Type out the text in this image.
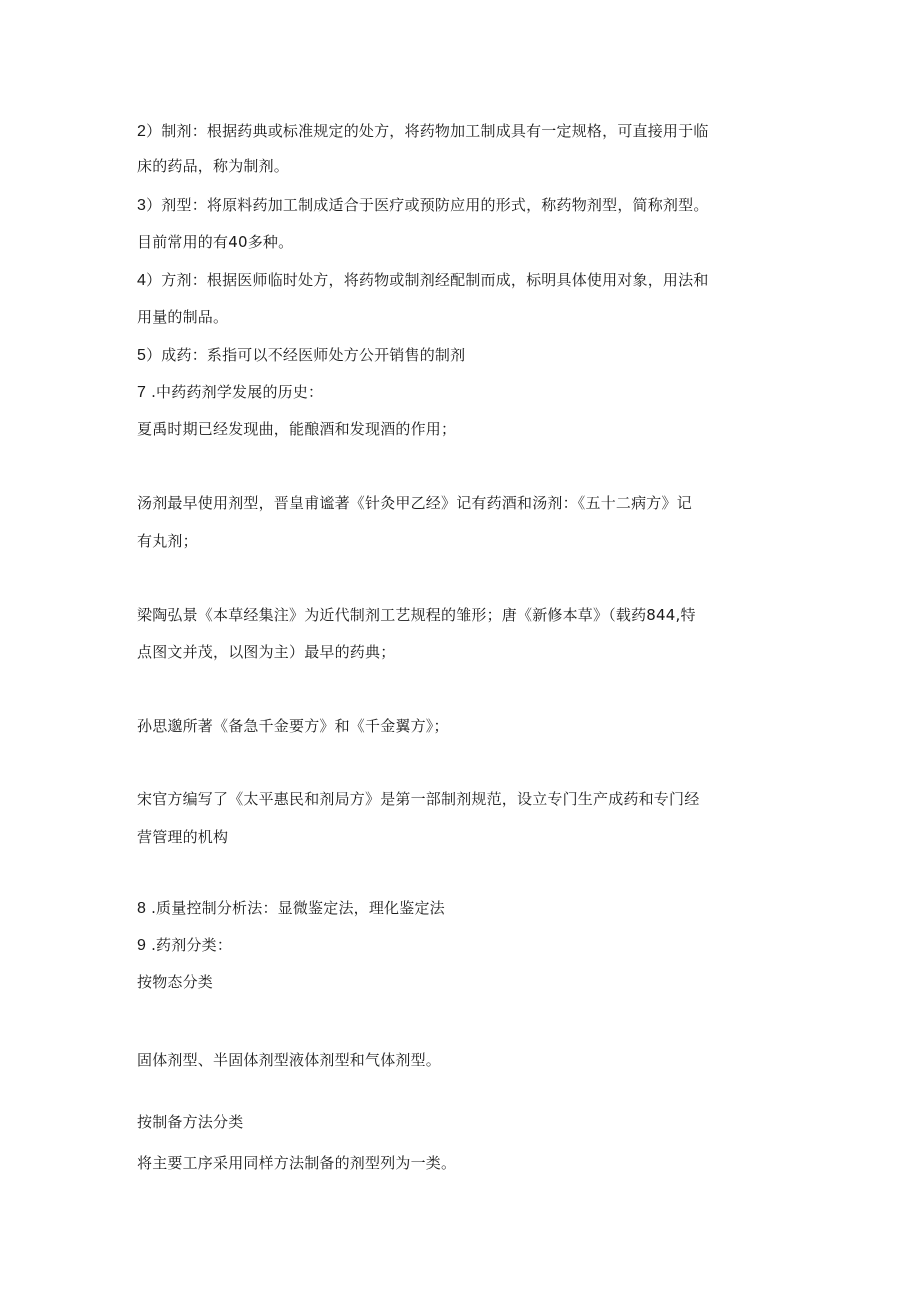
2）制剂：根据药典或标准规定的处方，将药物加工制成具有一定规格，可直接用于临
床的药品，称为制剂。
3）剂型：将原料药加工制成适合于医疗或预防应用的形式，称药物剂型，简称剂型。
目前常用的有40多种。
4）方剂：根据医师临时处方，将药物或制剂经配制而成，标明具体使用对象，用法和
用量的制品。
5）成药：系指可以不经医师处方公开销售的制剂
7 .中药药剂学发展的历史：
夏禹时期已经发现曲，能酿酒和发现酒的作用；
汤剂最早使用剂型，晋皇甫谧著《针灸甲乙经》记有药酒和汤剂：《五十二病方》记
有丸剂；
梁陶弘景《本草经集注》为近代制剂工艺规程的雏形；唐《新修本草》（载药844,特
点图文并茂，以图为主）最早的药典；
孙思邈所著《备急千金要方》和《千金翼方》；
宋官方编写了《太平惠民和剂局方》是第一部制剂规范，设立专门生产成药和专门经
营管理的机构
8 .质量控制分析法：显微鉴定法，理化鉴定法
9 .药剂分类：
按物态分类
固体剂型、半固体剂型液体剂型和气体剂型。
按制备方法分类
将主要工序采用同样方法制备的剂型列为一类。
